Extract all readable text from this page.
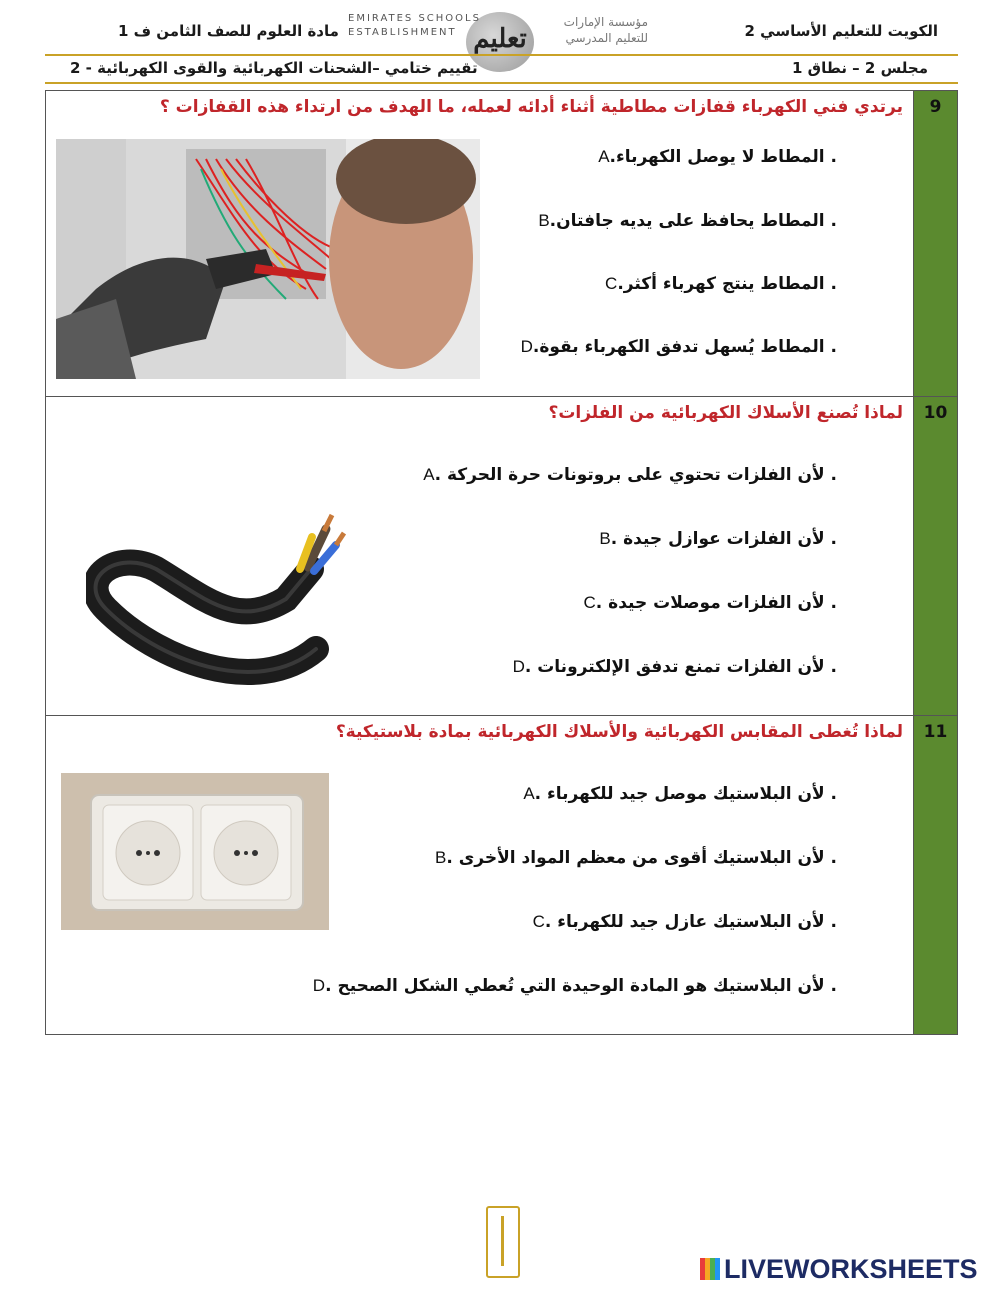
الكويت للتعليم الأساسي 2
مادة العلوم للصف الثامن ف 1	مؤسسة الإمارات
للتعليم المدرسي
تعليم
EMIRATES SCHOOLS
ESTABLISHMENT
مجلس 2 – نطاق 1
تقييم ختامي –الشحنات الكهربائية والقوى الكهربائية - 2
9
يرتدي فني الكهرباء قفازات مطاطية أثناء أدائه لعمله، ما الهدف من ارتداء هذه القفازات ؟
. المطاط لا يوصل الكهرباء.A
. المطاط يحافظ على يديه جافتان.B
. المطاط ينتج كهرباء أكثر.C
. المطاط يُسهل تدفق الكهرباء بقوة.D
10
لماذا تُصنع الأسلاك الكهربائية من الفلزات؟
. لأن الفلزات تحتوي على بروتونات حرة الحركة .A
. لأن الفلزات عوازل جيدة .B
. لأن الفلزات موصلات جيدة .C
. لأن الفلزات تمنع تدفق الإلكترونات .D
11
لماذا تُغطى المقابس الكهربائية والأسلاك الكهربائية بمادة بلاستيكية؟
. لأن البلاستيك موصل جيد للكهرباء .A
. لأن البلاستيك أقوى من معظم المواد الأخرى .B
. لأن البلاستيك عازل جيد للكهرباء .C
. لأن البلاستيك هو المادة الوحيدة التي تُعطي الشكل الصحيح .D
LIVEWORKSHEETS
